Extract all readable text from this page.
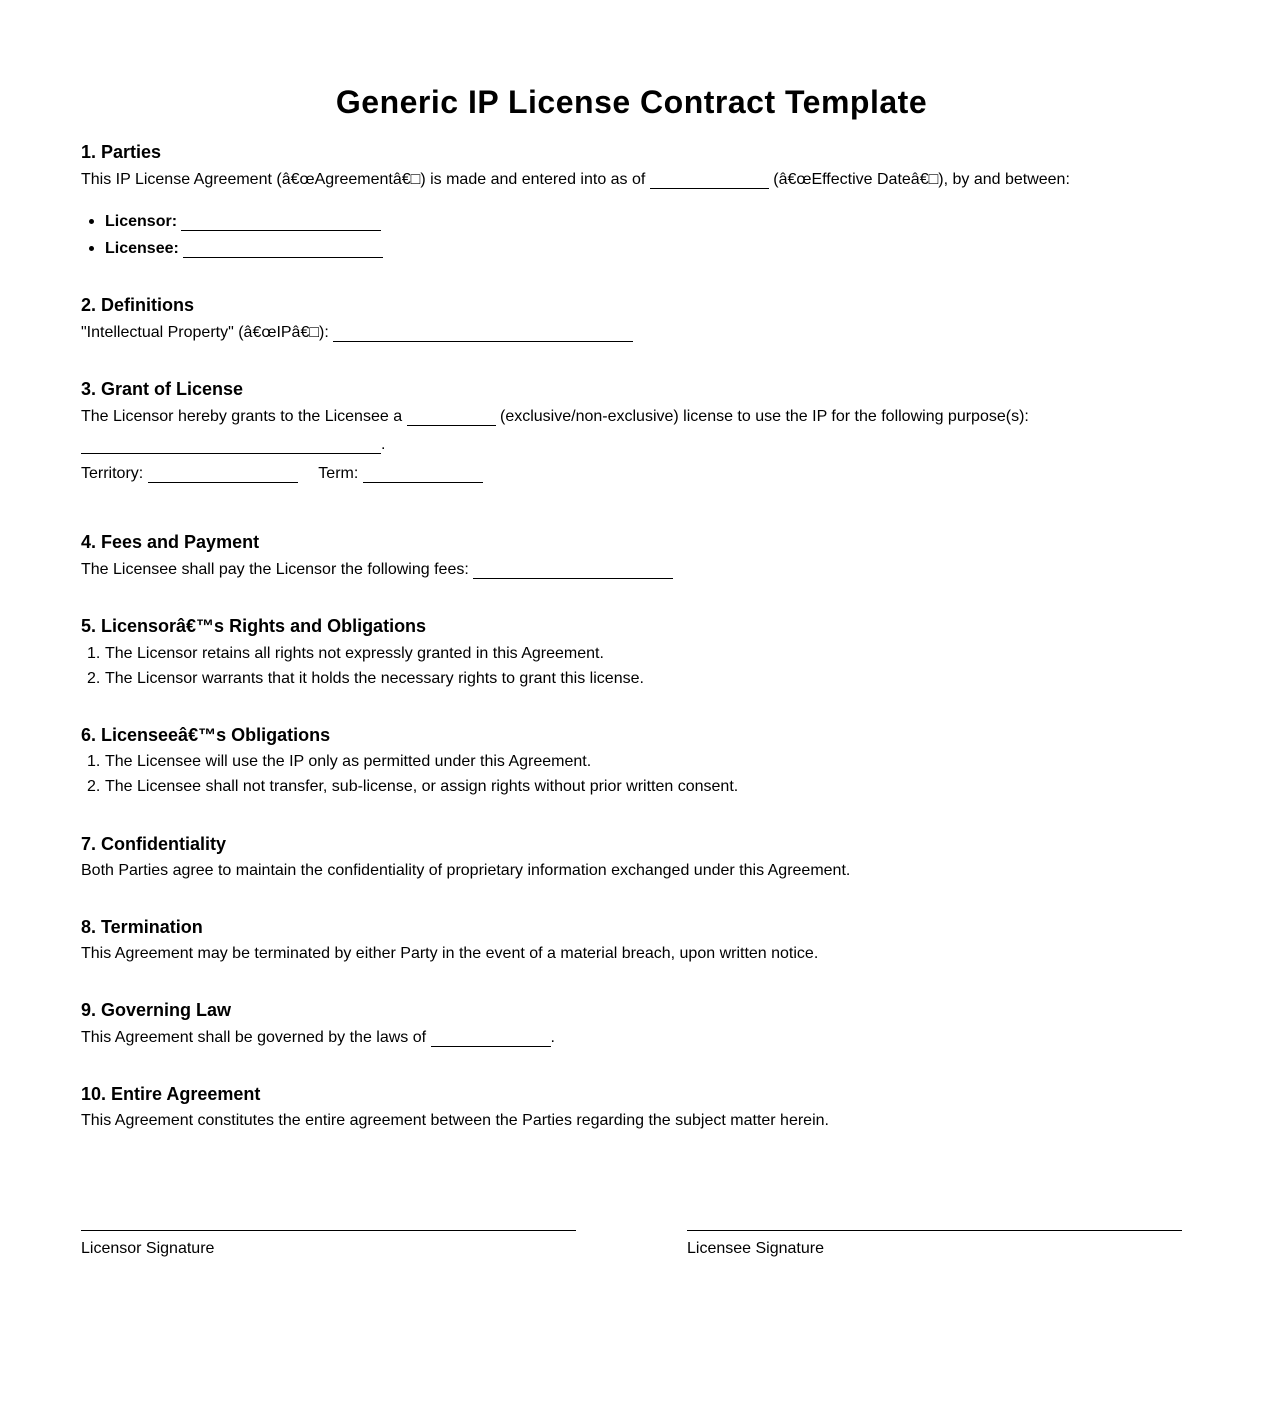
Generic IP License Contract Template
1. Parties

This IP License Agreement (â€œAgreementâ€□) is made and entered into as of	(â€œEffective Dateâ€□), by and between:

Licensor:
Licensee:
2. Definitions

"Intellectual Property" (â€œIPâ€□):

3. Grant of License

The Licensor hereby grants to the Licensee a	(exclusive/non-exclusive) license to use the IP for the following purpose(s):

.

Territory:	Term:

4. Fees and Payment

The Licensee shall pay the Licensor the following fees:

5. Licensorâ€™s Rights and Obligations
1. The Licensor retains all rights not expressly granted in this Agreement.
2. The Licensor warrants that it holds the necessary rights to grant this license.
6. Licenseeâ€™s Obligations
1. The Licensee will use the IP only as permitted under this Agreement.
2. The Licensee shall not transfer, sub-license, or assign rights without prior written consent.
7. Confidentiality

Both Parties agree to maintain the confidentiality of proprietary information exchanged under this Agreement.

8. Termination

This Agreement may be terminated by either Party in the event of a material breach, upon written notice.

9. Governing Law

This Agreement shall be governed by the laws of	.

10. Entire Agreement

This Agreement constitutes the entire agreement between the Parties regarding the subject matter herein.

Licensor Signature	Licensee Signature
